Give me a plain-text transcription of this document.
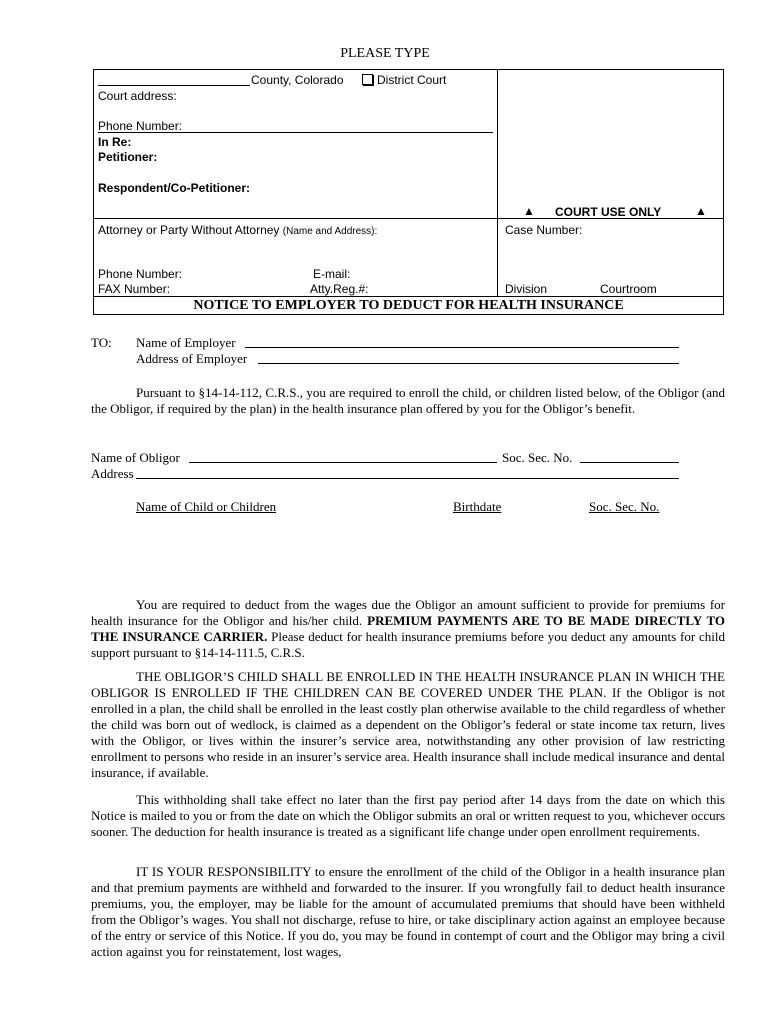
PLEASE TYPE
County, Colorado	District Court
Court address:
Phone Number:
In Re:
Petitioner:
Respondent/Co-Petitioner:
▲ COURT USE ONLY	▲
Attorney or Party Without Attorney (Name and Address):	Case Number:
Phone Number:	E-mail:
FAX Number:	Atty.Reg.#:	Division	Courtroom
NOTICE TO EMPLOYER TO DEDUCT FOR HEALTH INSURANCE
TO: Name of Employer
Address of Employer

Pursuant to §14-14-112, C.R.S., you are required to enroll the child, or children listed below, of the Obligor (and the Obligor, if required by the plan) in the health insurance plan offered by you for the Obligor’s benefit.

Name of Obligor	Soc. Sec. No.
Address
Name of Child or Children	Birthdate	Soc. Sec. No.

You are required to deduct from the wages due the Obligor an amount sufficient to provide for premiums for health insurance for the Obligor and his/her child. PREMIUM PAYMENTS ARE TO BE MADE DIRECTLY TO THE INSURANCE CARRIER. Please deduct for health insurance premiums before you deduct any amounts for child support pursuant to §14-14-111.5, C.R.S.

THE OBLIGOR’S CHILD SHALL BE ENROLLED IN THE HEALTH INSURANCE PLAN IN WHICH THE OBLIGOR IS ENROLLED IF THE CHILDREN CAN BE COVERED UNDER THE PLAN. If the Obligor is not enrolled in a plan, the child shall be enrolled in the least costly plan otherwise available to the child regardless of whether the child was born out of wedlock, is claimed as a dependent on the Obligor’s federal or state income tax return, lives with the Obligor, or lives within the insurer’s service area, notwithstanding any other provision of law restricting enrollment to persons who reside in an insurer’s service area. Health insurance shall include medical insurance and dental insurance, if available.

This withholding shall take effect no later than the first pay period after 14 days from the date on which this Notice is mailed to you or from the date on which the Obligor submits an oral or written request to you, whichever occurs sooner. The deduction for health insurance is treated as a significant life change under open enrollment requirements.

IT IS YOUR RESPONSIBILITY to ensure the enrollment of the child of the Obligor in a health insurance plan and that premium payments are withheld and forwarded to the insurer. If you wrongfully fail to deduct health insurance premiums, you, the employer, may be liable for the amount of accumulated premiums that should have been withheld from the Obligor’s wages. You shall not discharge, refuse to hire, or take disciplinary action against an employee because of the entry or service of this Notice. If you do, you may be found in contempt of court and the Obligor may bring a civil action against you for reinstatement, lost wages,
